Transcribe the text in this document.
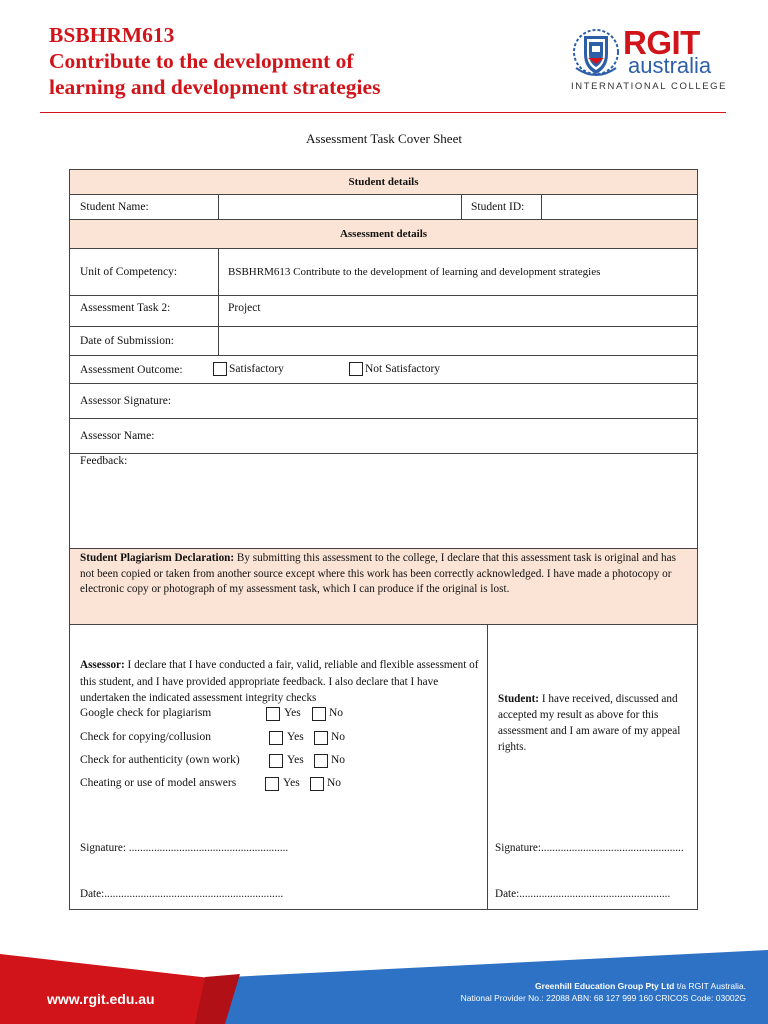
BSBHRM613
Contribute to the development of
learning and development strategies
RGIT
australia
INTERNATIONAL COLLEGE
Assessment Task Cover Sheet
Student details
Student Name:	Student ID:
Assessment details
Unit of Competency:	BSBHRM613 Contribute to the development of learning and development strategies
Assessment Task 2:	Project
Date of Submission:
Assessment Outcome:	Satisfactory	Not Satisfactory
Assessor Signature:
Assessor Name:
Feedback:
Student Plagiarism Declaration: By submitting this assessment to the college, I declare that this assessment task is original and has not been copied or taken from another source except where this work has been correctly acknowledged. I have made a photocopy or electronic copy or photograph of my assessment task, which I can produce if the original is lost.
Assessor: I declare that I have conducted a fair, valid, reliable and flexible assessment of this student, and I have provided appropriate feedback. I also declare that I have undertaken the indicated assessment integrity checks
Google check for plagiarism	Yes No
Check for copying/collusion	Yes No
Check for authenticity (own work)	Yes No
Cheating or use of model answers	Yes No
Student: I have received, discussed and accepted my result as above for this assessment and I am aware of my appeal rights.
Signature: .........................................................
Date:................................................................
Signature:...................................................
Date:......................................................
www.rgit.edu.au
Greenhill Education Group Pty Ltd t/a RGIT Australia.
National Provider No.: 22088 ABN: 68 127 999 160 CRICOS Code: 03002G
